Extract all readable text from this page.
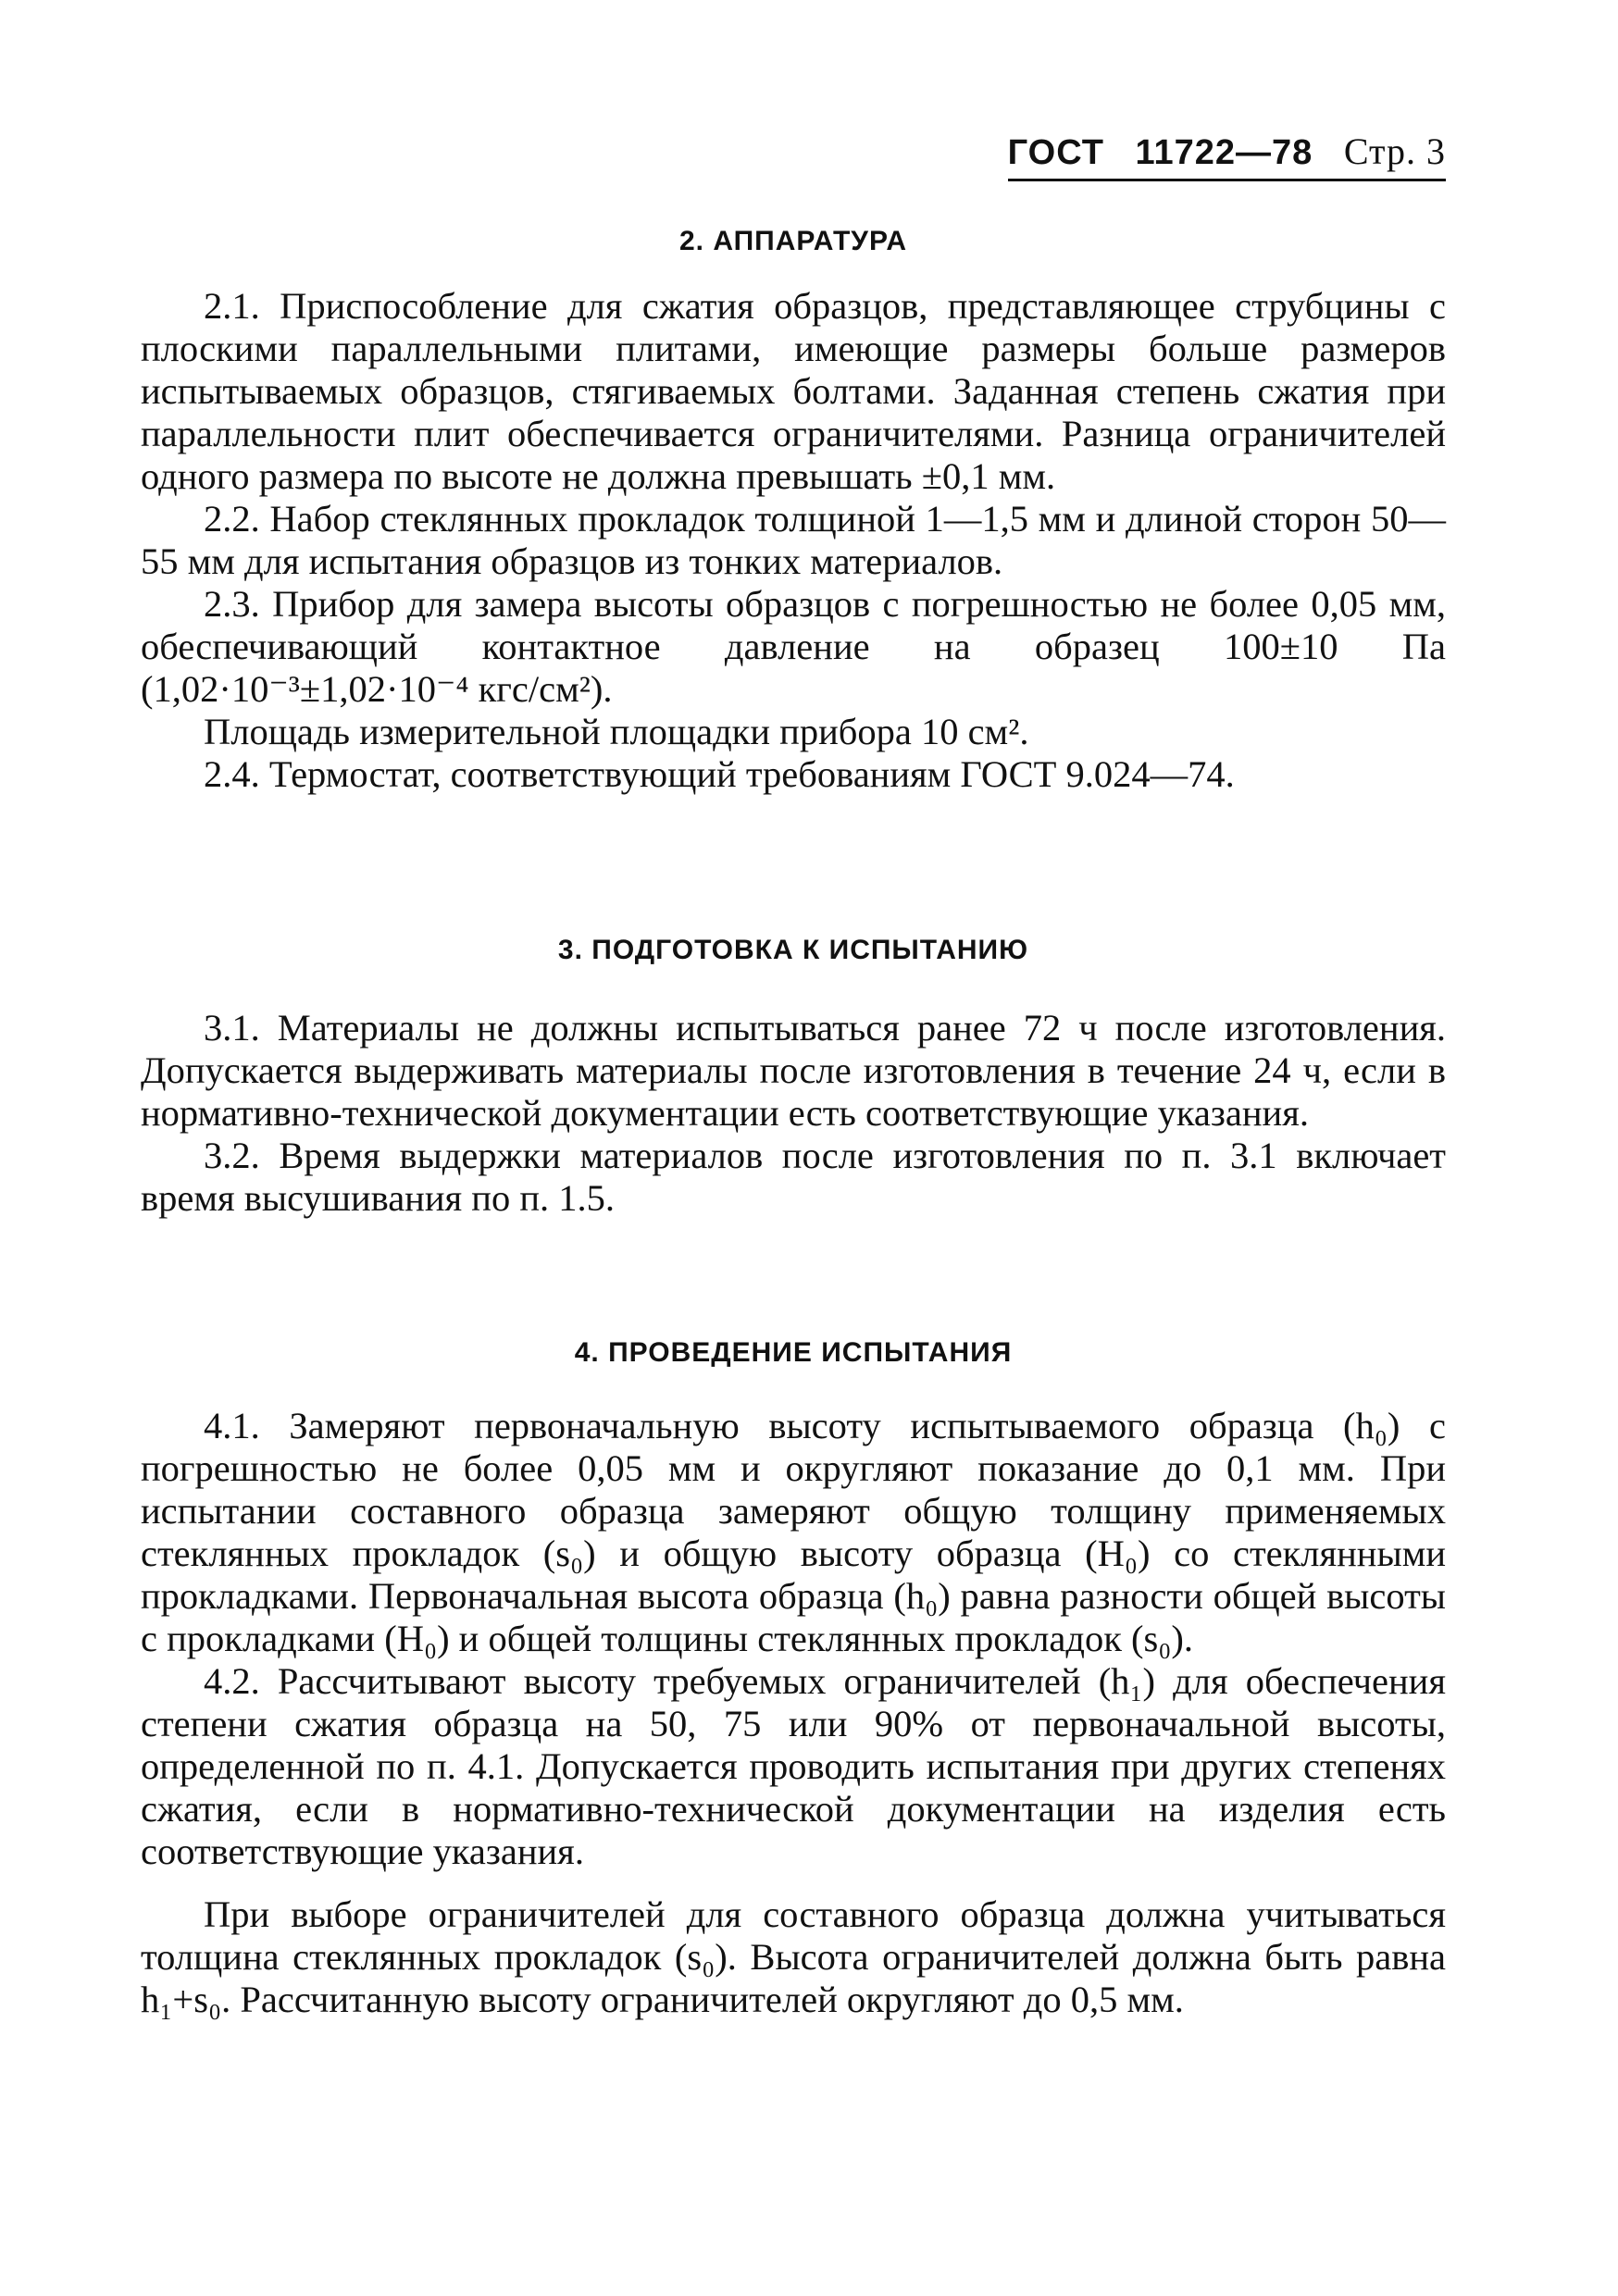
ГОСТ 11722—78 Стр. 3
2. АППАРАТУРА

2.1. Приспособление для сжатия образцов, представляющее струбцины с плоскими параллельными плитами, имеющие размеры больше размеров испытываемых образцов, стягиваемых болтами. Заданная степень сжатия при параллельности плит обеспечивается ограничителями. Разница ограничителей одного размера по высоте не должна превышать ±0,1 мм.

2.2. Набор стеклянных прокладок толщиной 1—1,5 мм и длиной сторон 50—55 мм для испытания образцов из тонких материалов.

2.3. Прибор для замера высоты образцов с погрешностью не более 0,05 мм, обеспечивающий контактное давление на образец 100±10 Па (1,02·10⁻³±1,02·10⁻⁴ кгс/см²).

Площадь измерительной площадки прибора 10 см².

2.4. Термостат, соответствующий требованиям ГОСТ 9.024—74.

3. ПОДГОТОВКА К ИСПЫТАНИЮ

3.1. Материалы не должны испытываться ранее 72 ч после изготовления. Допускается выдерживать материалы после изготовления в течение 24 ч, если в нормативно-технической документации есть соответствующие указания.

3.2. Время выдержки материалов после изготовления по п. 3.1 включает время высушивания по п. 1.5.

4. ПРОВЕДЕНИЕ ИСПЫТАНИЯ

4.1. Замеряют первоначальную высоту испытываемого образца (h₀) с погрешностью не более 0,05 мм и округляют показание до 0,1 мм. При испытании составного образца замеряют общую толщину применяемых стеклянных прокладок (s₀) и общую высоту образца (H₀) со стеклянными прокладками. Первоначальная высота образца (h₀) равна разности общей высоты с прокладками (H₀) и общей толщины стеклянных прокладок (s₀).

4.2. Рассчитывают высоту требуемых ограничителей (h₁) для обеспечения степени сжатия образца на 50, 75 или 90% от первоначальной высоты, определенной по п. 4.1. Допускается проводить испытания при других степенях сжатия, если в нормативно-технической документации на изделия есть соответствующие указания.

При выборе ограничителей для составного образца должна учитываться толщина стеклянных прокладок (s₀). Высота ограничителей должна быть равна h₁+s₀. Рассчитанную высоту ограничителей округляют до 0,5 мм.
